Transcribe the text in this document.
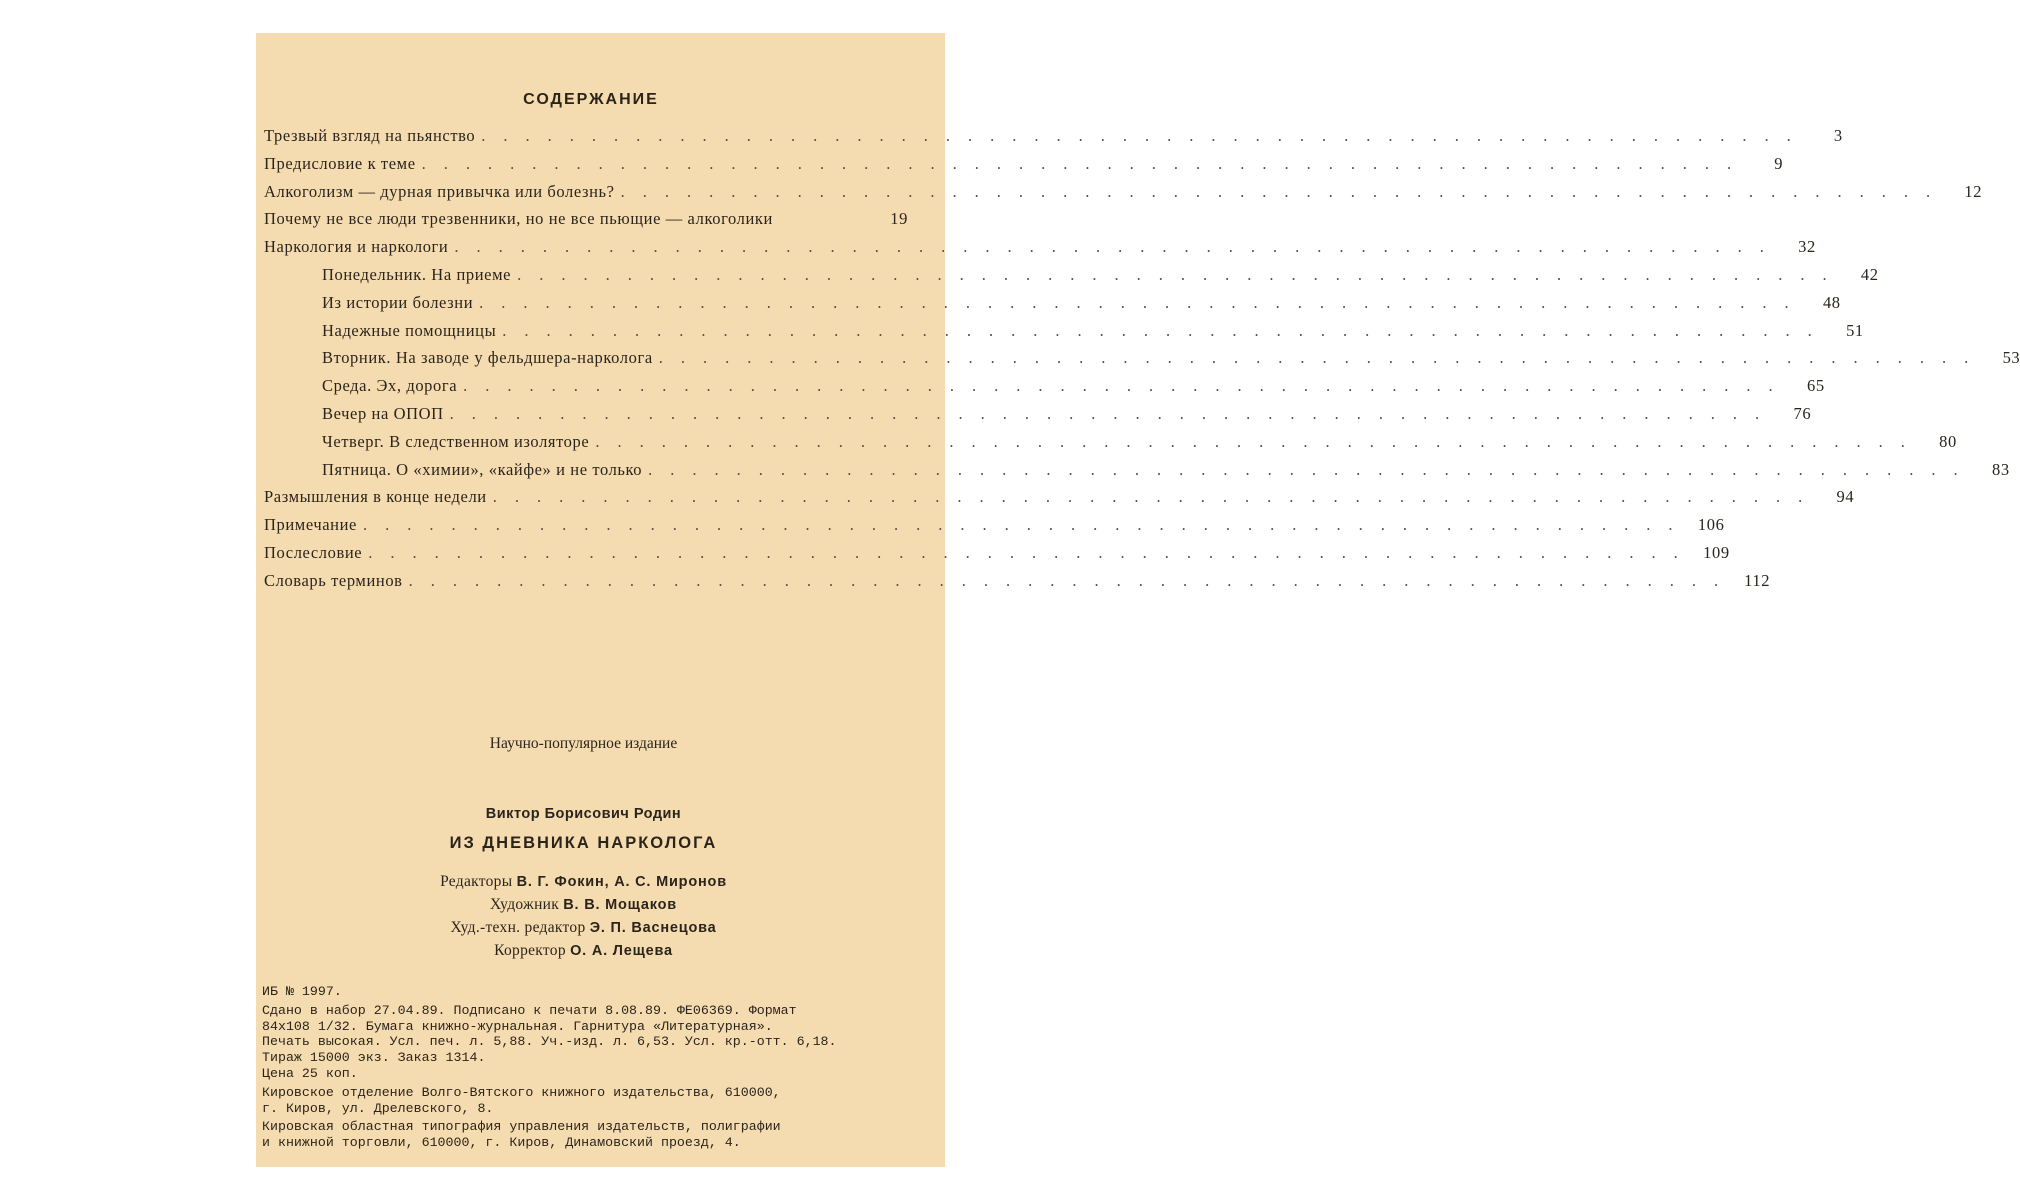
СОДЕРЖАНИЕ
Трезвый взгляд на пьянство ............................................................	3
Предисловие к теме ............................................................	9
Алкоголизм — дурная привычка или болезнь? ............................................................ 12
Почему не все люди трезвенники, но не все пьющие — алкоголики	19
Наркология и наркологи ............................................................ 32
Понедельник. На приеме ............................................................ 42
Из истории болезни ............................................................ 48
Надежные помощницы ............................................................ 51
Вторник. На заводе у фельдшера-нарколога ............................................................ 53
Среда. Эх, дорога ............................................................ 65
Вечер на ОПОП ............................................................ 76
Четверг. В следственном изоляторе ............................................................ 80
Пятница. О «химии», «кайфе» и не только ............................................................ 83
Размышления в конце недели ............................................................ 94
Примечание ............................................................ 106
Послесловие ............................................................ 109
Словарь терминов ............................................................ 112
Научно-популярное издание
Виктор Борисович Родин
ИЗ ДНЕВНИКА НАРКОЛОГА
Редакторы В. Г. Фокин, А. С. Миронов
Художник В. В. Мощаков
Худ.-техн. редактор Э. П. Васнецова
Корректор О. А. Лещева
ИБ № 1997.
Сдано в набор 27.04.89. Подписано к печати 8.08.89. ФЕ06369. Формат
84x108 1/32. Бумага книжно-журнальная. Гарнитура «Литературная».
Печать высокая. Усл. печ. л. 5,88. Уч.-изд. л. 6,53. Усл. кр.-отт. 6,18.
Тираж 15000 экз. Заказ 1314.
Цена 25 коп.
Кировское отделение Волго-Вятского книжного издательства, 610000,
г. Киров, ул. Дрелевского, 8.
Кировская областная типография управления издательств, полиграфии
и книжной торговли, 610000, г. Киров, Динамовский проезд, 4.
